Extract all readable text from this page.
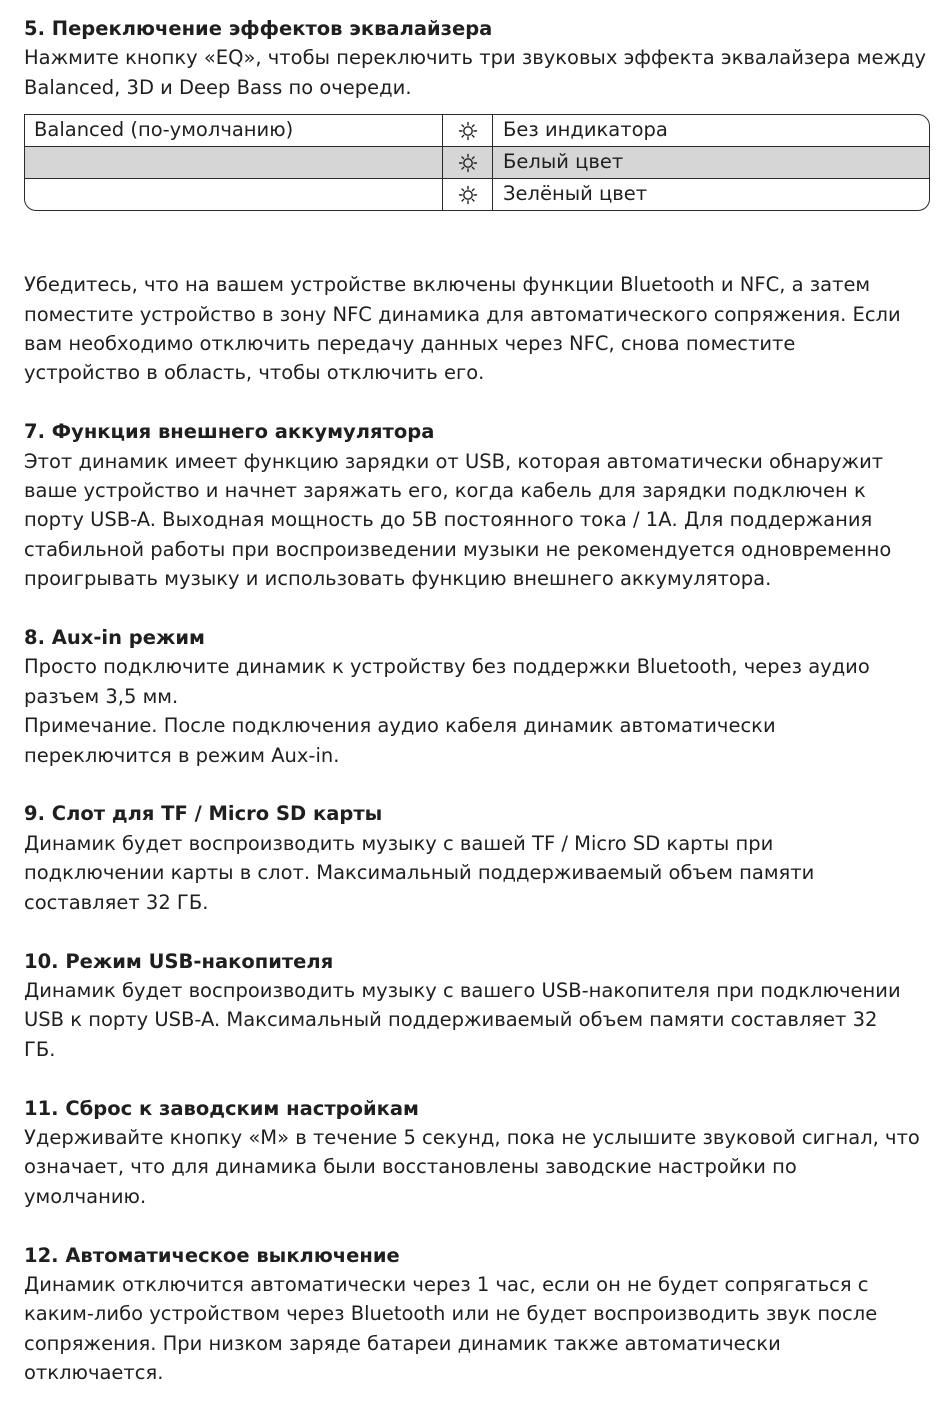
5. Переключение эффектов эквалайзера
Нажмите кнопку «EQ», чтобы переключить три звуковых эффекта эквалайзера между
Balanced, 3D и Deep Bass по очереди.
Balanced (по-умолчанию)	Без индикатора
Белый цвет
Зелёный цвет
Убедитесь, что на вашем устройстве включены функции Bluetooth и NFC, а затем
поместите устройство в зону NFC динамика для автоматического сопряжения. Если
вам необходимо отключить передачу данных через NFC, снова поместите
устройство в область, чтобы отключить его.
7. Функция внешнего аккумулятора
Этот динамик имеет функцию зарядки от USB, которая автоматически обнаружит
ваше устройство и начнет заряжать его, когда кабель для зарядки подключен к
порту USB-A. Выходная мощность до 5В постоянного тока / 1А. Для поддержания
стабильной работы при воспроизведении музыки не рекомендуется одновременно
проигрывать музыку и использовать функцию внешнего аккумулятора.
8. Aux-in режим
Просто подключите динамик к устройству без поддержки Bluetooth, через аудио
разъем 3,5 мм.
Примечание. После подключения аудио кабеля динамик автоматически
переключится в режим Aux-in.
9. Слот для TF / Micro SD карты
Динамик будет воспроизводить музыку с вашей TF / Micro SD карты при
подключении карты в слот. Максимальный поддерживаемый объем памяти
составляет 32 ГБ.
10. Режим USB-накопителя
Динамик будет воспроизводить музыку с вашего USB-накопителя при подключении
USB к порту USB-A. Максимальный поддерживаемый объем памяти составляет 32
ГБ.
11. Сброс к заводским настройкам
Удерживайте кнопку «M» в течение 5 секунд, пока не услышите звуковой сигнал, что
означает, что для динамика были восстановлены заводские настройки по
умолчанию.
12. Автоматическое выключение
Динамик отключится автоматически через 1 час, если он не будет сопрягаться с
каким-либо устройством через Bluetooth или не будет воспроизводить звук после
сопряжения. При низком заряде батареи динамик также автоматически
отключается.
